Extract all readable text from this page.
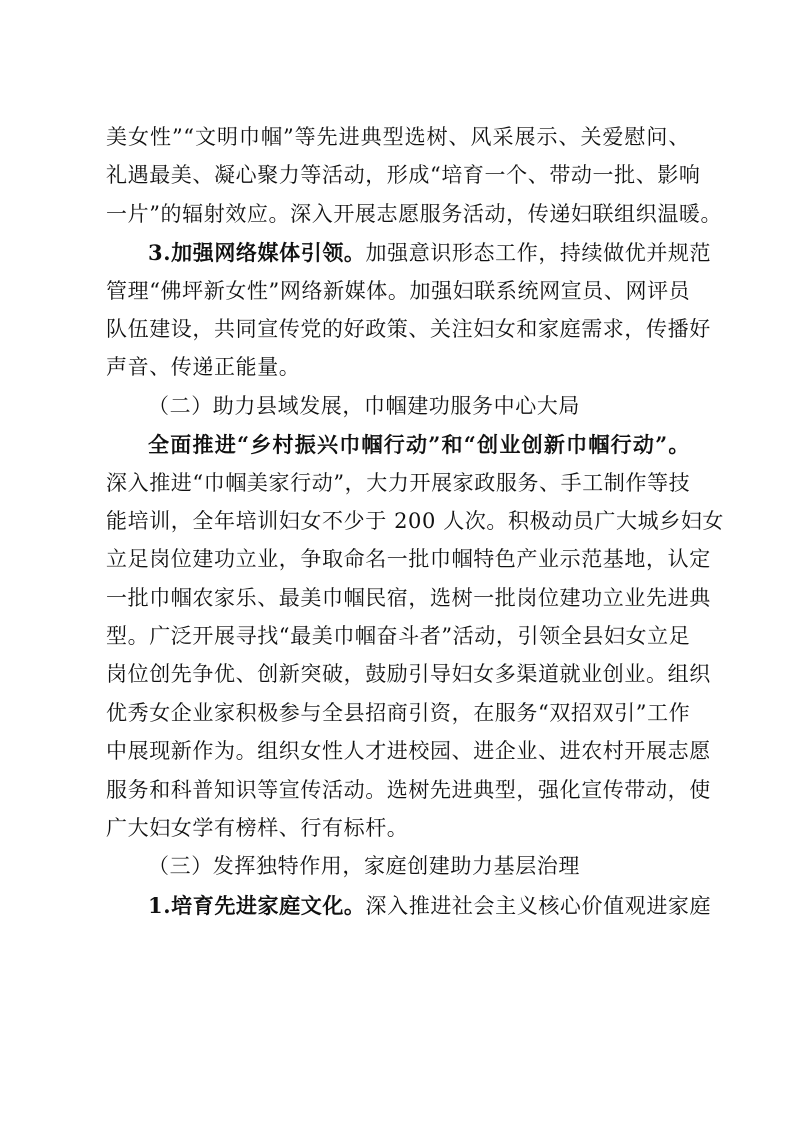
美女性”“文明巾帼”等先进典型选树、风采展示、关爱慰问、
礼遇最美、凝心聚力等活动，形成“培育一个、带动一批、影响
一片”的辐射效应。深入开展志愿服务活动，传递妇联组织温暖。
3.加强网络媒体引领。加强意识形态工作，持续做优并规范
管理“佛坪新女性”网络新媒体。加强妇联系统网宣员、网评员
队伍建设，共同宣传党的好政策、关注妇女和家庭需求，传播好
声音、传递正能量。
（二）助力县域发展，巾帼建功服务中心大局
全面推进“乡村振兴巾帼行动”和“创业创新巾帼行动”。
深入推进“巾帼美家行动”，大力开展家政服务、手工制作等技
能培训，全年培训妇女不少于 200 人次。积极动员广大城乡妇女
立足岗位建功立业，争取命名一批巾帼特色产业示范基地，认定
一批巾帼农家乐、最美巾帼民宿，选树一批岗位建功立业先进典
型。广泛开展寻找“最美巾帼奋斗者”活动，引领全县妇女立足
岗位创先争优、创新突破，鼓励引导妇女多渠道就业创业。组织
优秀女企业家积极参与全县招商引资，在服务“双招双引”工作
中展现新作为。组织女性人才进校园、进企业、进农村开展志愿
服务和科普知识等宣传活动。选树先进典型，强化宣传带动，使
广大妇女学有榜样、行有标杆。
（三）发挥独特作用，家庭创建助力基层治理
1.培育先进家庭文化。深入推进社会主义核心价值观进家庭
